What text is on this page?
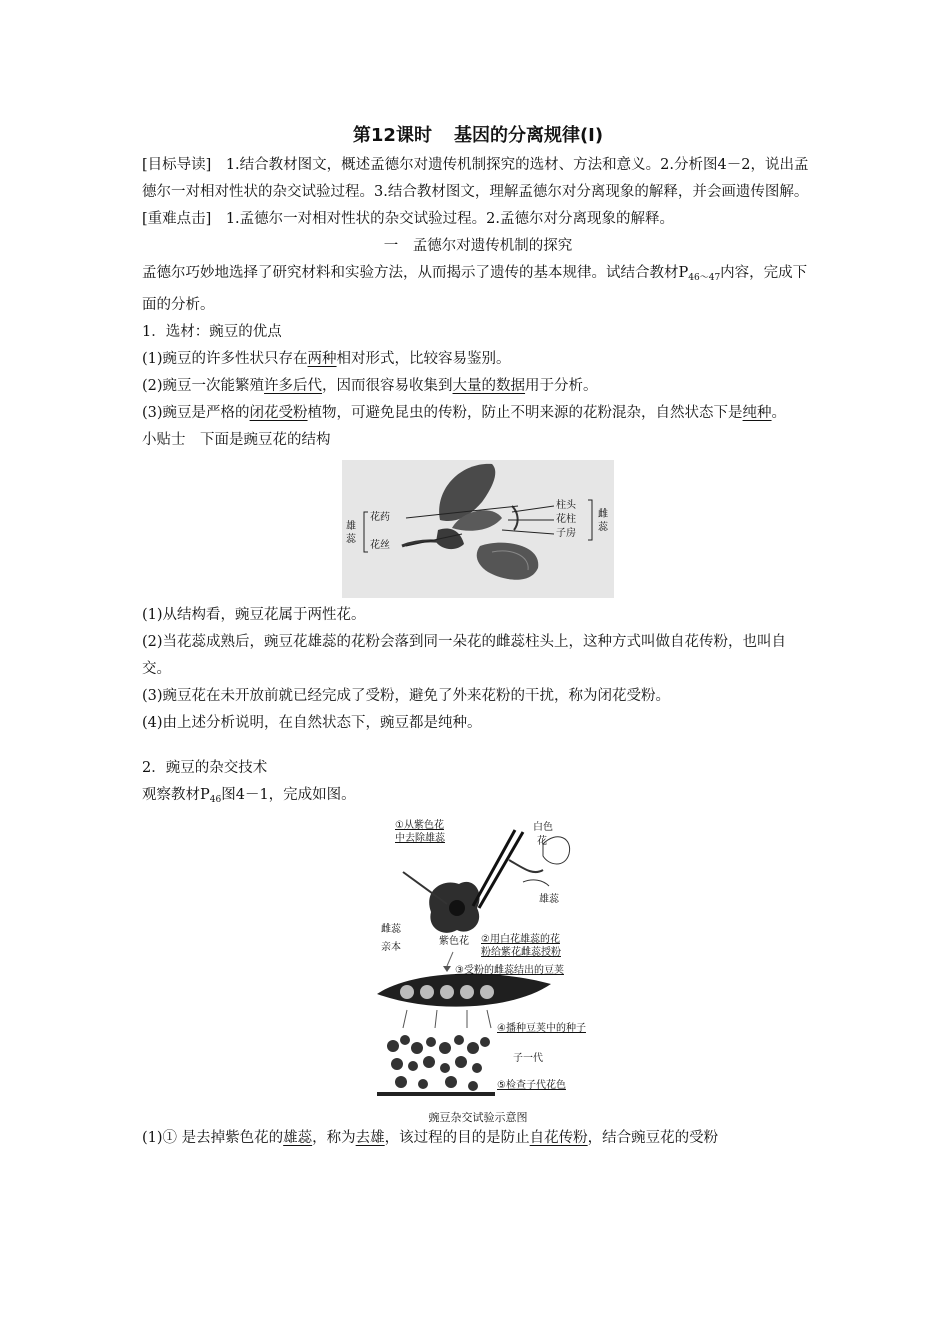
第12课时 基因的分离规律(Ⅰ)

[目标导读]　 1.结合教材图文，概述孟德尔对遗传机制探究的选材、方法和意义。2.分析图4－2，说出孟德尔一对相对性状的杂交试验过程。3.结合教材图文，理解孟德尔对分离现象的解释，并会画遗传图解。

[重难点击]　 1.孟德尔一对相对性状的杂交试验过程。2.孟德尔对分离现象的解释。

一　孟德尔对遗传机制的探究

孟德尔巧妙地选择了研究材料和实验方法，从而揭示了遗传的基本规律。试结合教材$P_{46\sim 47}$内容，完成下面的分析。

1．选材：豌豆的优点

(1)豌豆的许多性状只存在两种相对形式，比较容易鉴别。

(2)豌豆一次能繁殖许多后代，因而很容易收集到大量的数据用于分析。

(3)豌豆是严格的闭花受粉植物，可避免昆虫的传粉，防止不明来源的花粉混杂，自然状态下是纯种。

小贴士　下面是豌豆花的结构

雄蕊
花药
花丝
柱头
花柱
子房
雌蕊

(1)从结构看，豌豆花属于两性花。

(2)当花蕊成熟后，豌豆花雄蕊的花粉会落到同一朵花的雌蕊柱头上，这种方式叫做自花传粉，也叫自交。

(3)豌豆花在未开放前就已经完成了受粉，避免了外来花粉的干扰，称为闭花受粉。

(4)由上述分析说明，在自然状态下，豌豆都是纯种。

2．豌豆的杂交技术

观察教材$P_{46}$图4－1，完成如图。

①从紫色花
中去除雄蕊
白色
花
雄蕊
雌蕊
亲本
紫色花 ②用白花雄蕊的花
粉给紫花雌蕊授粉
③受粉的雌蕊结出的豆荚
④播种豆荚中的种子
子一代
⑤检查子代花色
豌豆杂交试验示意图

(1)① 是去掉紫色花的雄蕊，称为去雄，该过程的目的是防止自花传粉，结合豌豆花的受粉
